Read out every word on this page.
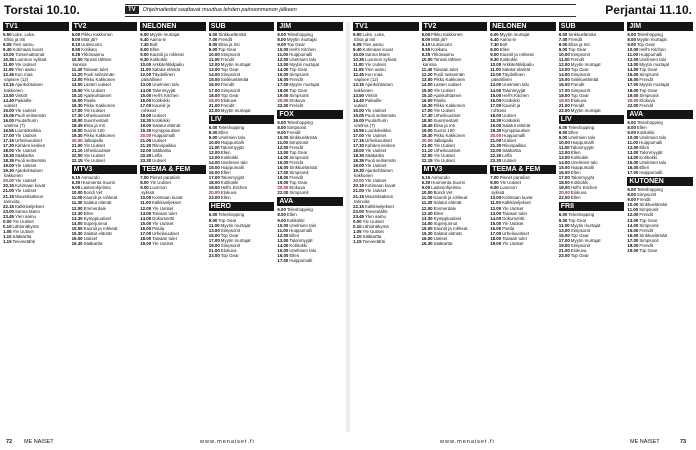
Torstai 10.10.	TV	Ohjelmatiedot saattavat muuttua lehden painoonmenon jälkeen	Perjantai 11.10.
TV1
5.50Luke, Luke,
Elisa ja Inti
6.05Ylen aamu
9.40Kotimaan kuvat
10.00Tuntemattomat
10.35Luonnon sylissä
11.00Yle Uutiset
11.05Ylen aamu
12.45Kun maa
vapisee (12)
13.15Ajankohtainen
kakkonen
13.50Vintiöt
14.40Paikallis-
uutiset
15.00Yle Uutiset
15.05Puoli seitsemän
16.00Puutarhurin
unelma (7)
16.55Luontokeikka
17.00Yle Uutiset
17.15Urheiluuutiset
17.30Kahden kesken
18.00Yle Uutiset
18.30Sääkartta
18.35Puoli seitsemän
19.00Yle Uutiset
19.30Ajankohtainen
kakkonen
20.00Yle Uutiset
20.15Kotimaan kuvat
21.00Yle Uutiset
21.15Muumilaakson
tarinoita
22.15Kalkkiveljekset
23.00Sanna Marin
23.45Ylen aamu
0.00Yle Uutiset
0.10Lähiönäkymä
1.05Yle Uutiset
1.10Sääkartta
1.15Teeveetähti
TV2
6.00Pikku Kakkonen
8.00Mitä jäi?
8.10Uutisvuoto
8.55Kotikatu
9.25Ykkösaamu
10.00Tanssii tähtien
kanssa
11.40Taivaan tulet
12.20Puoli seitsemän
13.00Pikku Kakkonen
14.00Lasten uutiset
15.00Yle Uutiset
15.10Ajankohtainen
16.00Pasila
16.30Pikku Kakkonen
17.00Yle Uutiset
17.30Urheiluuutiset
18.00Suurmestarit
18.45Elisa ja Inti
19.00Suomi 100
19.30Pikku Kakkonen
20.00Jalkapallo
21.00Yle Uutiset
21.10Urheiluuutiset
22.00Yle Uutiset
22.15Yle Uutiset
MTV3
6.15Asmundo
6.30Huomenta Suomi
9.00Lastenohjelmia
10.00Bondi Vet
11.00Kauniit ja rohkeat
11.30Salatut elämät
12.00Emmerdale
12.30Ellen
13.30Kymppiuutiset
14.00Superjunnut
15.00Kauniit ja rohkeat
15.30Salatut elämät
16.00Uutiset
16.30Sääkartta
NELONEN
6.00Myytin murtajat
6.40Aamu-tv
7.30Bolt
8.00Ellen
9.00Kauniit ja rohkeat
9.30Kotikokki
10.00Arkkitehtikilpailu
11.00Salatut elämät
12.00Täydellinen
päivällinen
13.00Unelmien talo
14.00Talonmyyjät
15.00Hell's Kitchen
16.00Kotikokki
17.00Kauniit ja
rohkeat
18.00Uutiset
18.30Kotikokki
19.00Salatut elämät
19.30Kymppiuutiset
20.00Huippumalli
21.00Uutiset
21.30Rikospaikka
22.00Sääkartta
22.30Leffa
23.30Uutiset
TEEMA & FEM
7.00Pienet paratiisit
8.00Yle Uutiset
9.00Luonnon
sylissä
10.00Kotimaan kuvat
11.00Kalkkiveljekset
12.00Yle Uutiset
13.00Taivaan tulet
14.00Dokumentti
15.00Yle Uutiset
16.00Pasila
17.00Urheiluuutiset
18.00Taivaan tulet
19.00Yle Uutiset
SUB
6.00Sinkkuelämää
7.00Frendit
8.00Elisa ja Inti
9.00Top Gear
10.00Simpsonit
11.00Frendit
12.00Myytin murtajat
13.00Top Gear
14.00Simpsonit
15.00Sinkkuelämää
16.00Frendit
17.00Simpsonit
18.00Top Gear
19.00Elokuva
21.00Frendit
22.00Myytin murtajat
LIV
6.00Teleshopping
8.00Ellen
9.00Unelmien talo
10.00Huippumalli
11.00Talonmyyjät
12.00Ellen
13.00Kotikokki
14.00Unelmien talo
15.00Huippumalli
16.00Ellen
17.00Talonmyyjät
18.00Kotikokki
19.00Hell's Kitchen
20.00Elokuva
22.00Ellen
HERO
6.00Teleshopping
9.00Top Gear
11.00Myytin murtajat
13.00Simpsonit
15.00Top Gear
17.00Myytin murtajat
19.00Simpsonit
21.00Elokuva
23.00Top Gear
JIM
6.00Teleshopping
8.00Myytin murtajat
9.00Top Gear
10.00Hell's Kitchen
11.00Huippumalli
12.00Unelmien talo
13.00Myytin murtajat
14.00Top Gear
15.00Simpsonit
16.00Frendit
17.00Myytin murtajat
18.00Top Gear
19.00Simpsonit
20.00Elokuva
22.00Frendit
FOX
6.00Teleshopping
8.00Simpsonit
9.00Frendit
10.00Sinkkuelämää
11.00Simpsonit
12.00Frendit
13.00Top Gear
14.00Simpsonit
15.00Frendit
16.00Sinkkuelämää
17.00Simpsonit
18.00Frendit
19.00Top Gear
20.00Elokuva
22.00Simpsonit
AVA
6.00Teleshopping
8.00Ellen
9.00Kotikokki
10.00Unelmien talo
11.00Huippumalli
12.00Ellen
13.00Talonmyyjät
14.00Kotikokki
15.00Unelmien talo
16.00Ellen
17.00Huippumalli
TV1
5.50Luke, Luke,
Elisa ja Inti
6.05Ylen aamu
9.40Kotimaan kuvat
10.00Sanna Marin
10.35Luonnon sylissä
11.00Yle Uutiset
11.05Ylen aamu
12.45Kun maa
vapisee (12)
13.15Ajankohtainen
kakkonen
13.50Vintiöt
14.40Paikallis-
uutiset
15.00Yle Uutiset
15.05Puoli seitsemän
16.00Puutarhurin
unelma (7)
16.55Luontokeikka
17.00Yle Uutiset
17.15Urheiluuutiset
17.30Kahden kesken
18.00Yle Uutiset
18.30Sääkartta
18.35Puoli seitsemän
19.00Yle Uutiset
19.30Ajankohtainen
kakkonen
20.00Yle Uutiset
20.15Kotimaan kuvat
21.00Yle Uutiset
21.15Muumilaakson
tarinoita
22.15Kalkkiveljekset
23.00Teeveetähti
23.45Ylen aamu
0.00Yle Uutiset
0.10Lähiönäkymä
1.05Yle Uutiset
1.10Sääkartta
1.15Teeveetähti
TV2
6.00Pikku Kakkonen
8.00Mitä jäi?
8.10Uutisvuoto
8.55Kotikatu
9.25Ykkösaamu
10.00Tanssii tähtien
kanssa
11.40Taivaan tulet
12.20Puoli seitsemän
13.00Pikku Kakkonen
14.00Lasten uutiset
15.00Yle Uutiset
15.10Ajankohtainen
16.00Pasila
16.30Pikku Kakkonen
17.00Yle Uutiset
17.30Urheiluuutiset
18.00Suurmestarit
18.45Elisa ja Inti
19.00Suomi 100
19.30Pikku Kakkonen
20.00Jalkapallo
21.00Yle Uutiset
21.10Urheiluuutiset
22.00Yle Uutiset
22.15Yle Uutiset
MTV3
6.15Asmundo
6.30Huomenta Suomi
9.00Lastenohjelmia
10.00Bondi Vet
11.00Kauniit ja rohkeat
11.30Salatut elämät
12.00Emmerdale
12.30Ellen
13.30Kymppiuutiset
14.00Superjunnut
15.00Kauniit ja rohkeat
15.30Salatut elämät
16.00Uutiset
16.30Sääkartta
NELONEN
6.00Myytin murtajat
6.40Aamu-tv
7.30Bolt
8.00Ellen
9.00Kauniit ja rohkeat
9.30Kotikokki
10.00Arkkitehtikilpailu
11.00Salatut elämät
12.00Täydellinen
päivällinen
13.00Unelmien talo
14.00Talonmyyjät
15.00Hell's Kitchen
16.00Kotikokki
17.00Kauniit ja
rohkeat
18.00Uutiset
18.30Kotikokki
19.00Salatut elämät
19.30Kymppiuutiset
20.00Huippumalli
21.00Uutiset
21.30Rikospaikka
22.00Sääkartta
22.30Leffa
23.30Uutiset
TEEMA & FEM
7.00Pienet paratiisit
8.00Yle Uutiset
9.00Luonnon
sylissä
10.00Kotimaan kuvat
11.00Kalkkiveljekset
12.00Yle Uutiset
13.00Taivaan tulet
14.00Dokumentti
15.00Yle Uutiset
16.00Pasila
17.00Urheiluuutiset
18.00Taivaan tulet
19.00Yle Uutiset
SUB
6.00Sinkkuelämää
7.00Frendit
8.00Elisa ja Inti
9.00Top Gear
10.00Simpsonit
11.00Frendit
12.00Myytin murtajat
13.00Top Gear
14.00Simpsonit
15.00Sinkkuelämää
16.00Frendit
17.00Simpsonit
18.00Top Gear
19.00Elokuva
21.00Frendit
22.00Myytin murtajat
LIV
6.00Teleshopping
8.00Ellen
9.00Unelmien talo
10.00Huippumalli
11.00Talonmyyjät
12.00Ellen
13.00Kotikokki
14.00Unelmien talo
15.00Huippumalli
16.00Ellen
17.00Talonmyyjät
18.00Kotikokki
19.00Hell's Kitchen
20.00Elokuva
22.00Ellen
FRII
6.00Teleshopping
9.00Top Gear
11.00Myytin murtajat
13.00Simpsonit
15.00Top Gear
17.00Myytin murtajat
19.00Simpsonit
21.00Elokuva
23.00Top Gear
JIM
6.00Teleshopping
8.00Myytin murtajat
9.00Top Gear
10.00Hell's Kitchen
11.00Huippumalli
12.00Unelmien talo
13.00Myytin murtajat
14.00Top Gear
15.00Simpsonit
16.00Frendit
17.00Myytin murtajat
18.00Top Gear
19.00Simpsonit
20.00Elokuva
22.00Frendit
AVA
6.00Teleshopping
8.00Ellen
9.00Kotikokki
10.00Unelmien talo
11.00Huippumalli
12.00Ellen
13.00Talonmyyjät
14.00Kotikokki
15.00Unelmien talo
16.00Ellen
17.00Huippumalli
KUTONEN
6.00Teleshopping
8.00Simpsonit
9.00Frendit
10.00Sinkkuelämää
11.00Simpsonit
12.00Frendit
13.00Top Gear
14.00Simpsonit
15.00Frendit
16.00Sinkkuelämää
17.00Simpsonit
18.00Frendit
19.00Top Gear
72 ME NAISET	www.menaiset.fi	www.menaiset.fi	ME NAISET	73
